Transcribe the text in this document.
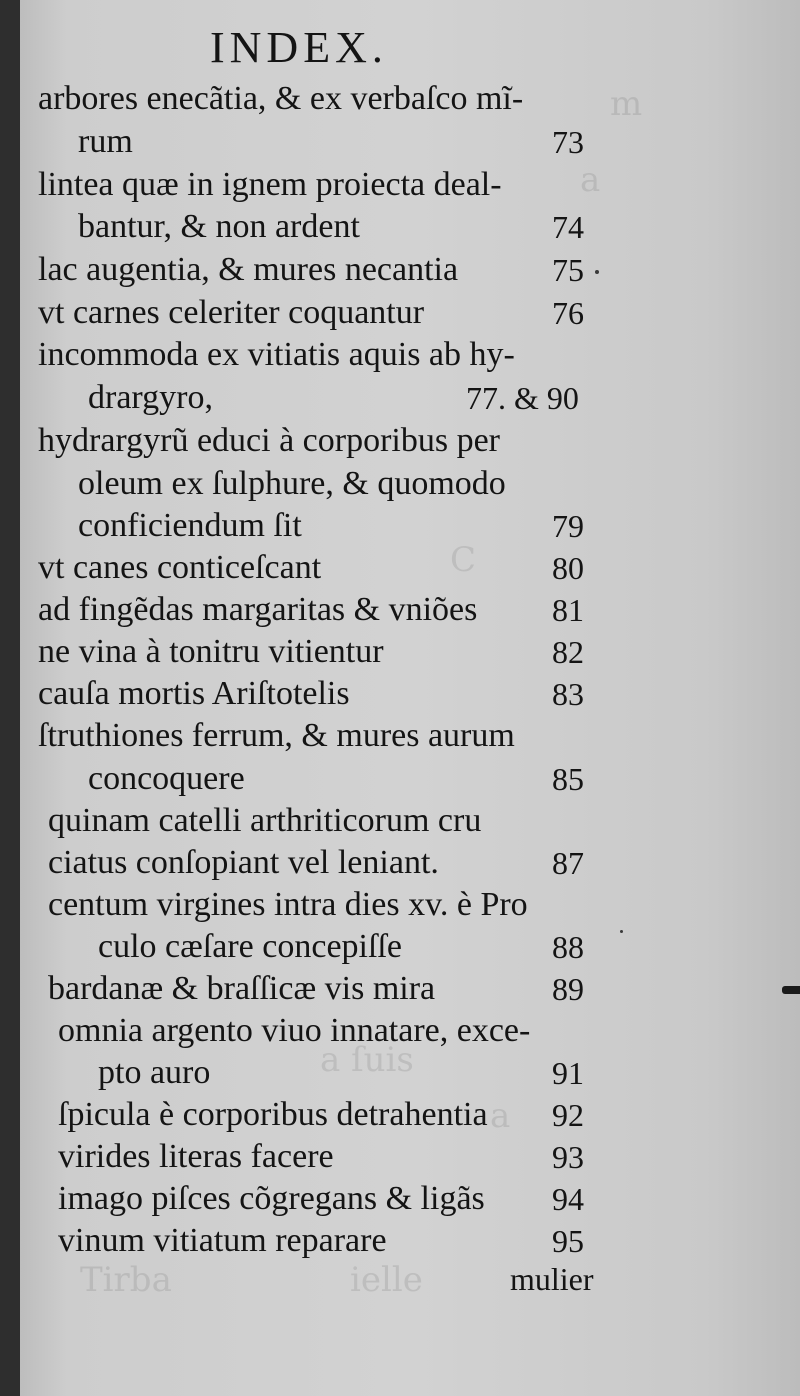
m
a
C
a ſuis
a
Tirba	ielle
INDEX.
arbores enecãtia, & ex verbaſco mĩ-
rum	73
lintea quæ in ignem proiecta deal-
bantur, & non ardent	74
lac augentia, & mures necantia	75
vt carnes celeriter coquantur	76
incommoda ex vitiatis aquis ab hy-
drargyro,	77. & 90
hydrargyrũ educi à corporibus per
oleum ex ſulphure, & quomodo
conficiendum ſit	79
vt canes conticeſcant	80
ad fingẽdas margaritas & vniões 81
ne vina à tonitru vitientur	82
cauſa mortis Ariſtotelis	83
ſtruthiones ferrum, & mures aurum
concoquere	85
quinam catelli arthriticorum cru
ciatus conſopiant vel leniant.	87
centum virgines intra dies xv. è Pro
culo cæſare concepiſſe	88
bardanæ & braſſicæ vis mira	89
omnia argento viuo innatare, exce-
pto auro	91
ſpicula è corporibus detrahentia 92
virides literas facere	93
imago piſces cõgregans & ligãs 94
vinum vitiatum reparare	95
mulier
